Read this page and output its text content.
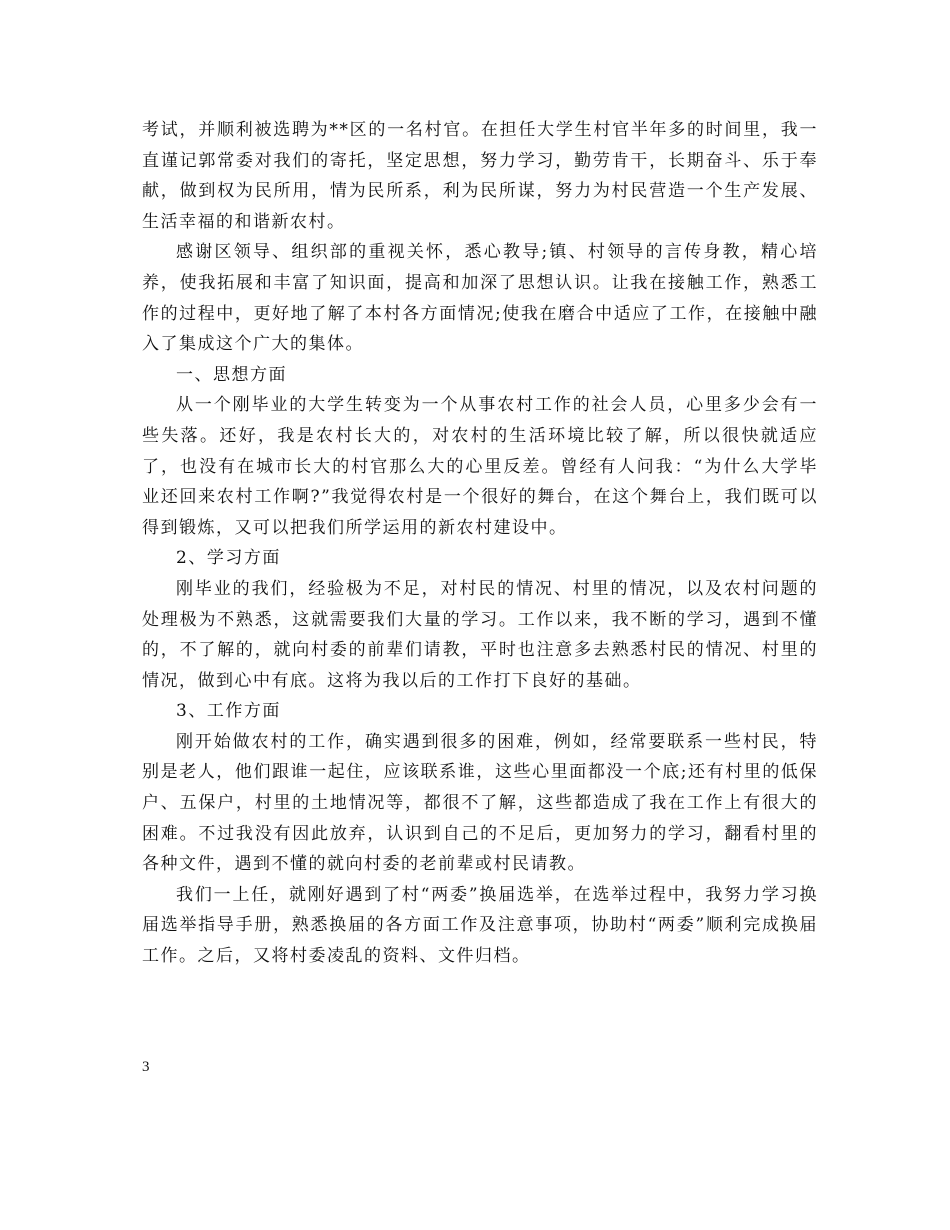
考试，并顺利被选聘为**区的一名村官。在担任大学生村官半年多的时间里，我一直谨记郭常委对我们的寄托，坚定思想，努力学习，勤劳肯干，长期奋斗、乐于奉献，做到权为民所用，情为民所系，利为民所谋，努力为村民营造一个生产发展、生活幸福的和谐新农村。

感谢区领导、组织部的重视关怀，悉心教导;镇、村领导的言传身教，精心培养，使我拓展和丰富了知识面，提高和加深了思想认识。让我在接触工作，熟悉工作的过程中，更好地了解了本村各方面情况;使我在磨合中适应了工作，在接触中融入了集成这个广大的集体。

一、思想方面

从一个刚毕业的大学生转变为一个从事农村工作的社会人员，心里多少会有一些失落。还好，我是农村长大的，对农村的生活环境比较了解，所以很快就适应了，也没有在城市长大的村官那么大的心里反差。曾经有人问我：“为什么大学毕业还回来农村工作啊?”我觉得农村是一个很好的舞台，在这个舞台上，我们既可以得到锻炼，又可以把我们所学运用的新农村建设中。

2、学习方面

刚毕业的我们，经验极为不足，对村民的情况、村里的情况，以及农村问题的处理极为不熟悉，这就需要我们大量的学习。工作以来，我不断的学习，遇到不懂的，不了解的，就向村委的前辈们请教，平时也注意多去熟悉村民的情况、村里的情况，做到心中有底。这将为我以后的工作打下良好的基础。

3、工作方面

刚开始做农村的工作，确实遇到很多的困难，例如，经常要联系一些村民，特别是老人，他们跟谁一起住，应该联系谁，这些心里面都没一个底;还有村里的低保户、五保户，村里的土地情况等，都很不了解，这些都造成了我在工作上有很大的困难。不过我没有因此放弃，认识到自己的不足后，更加努力的学习，翻看村里的各种文件，遇到不懂的就向村委的老前辈或村民请教。

我们一上任，就刚好遇到了村“两委”换届选举，在选举过程中，我努力学习换届选举指导手册，熟悉换届的各方面工作及注意事项，协助村“两委”顺利完成换届工作。之后，又将村委凌乱的资料、文件归档。

3
